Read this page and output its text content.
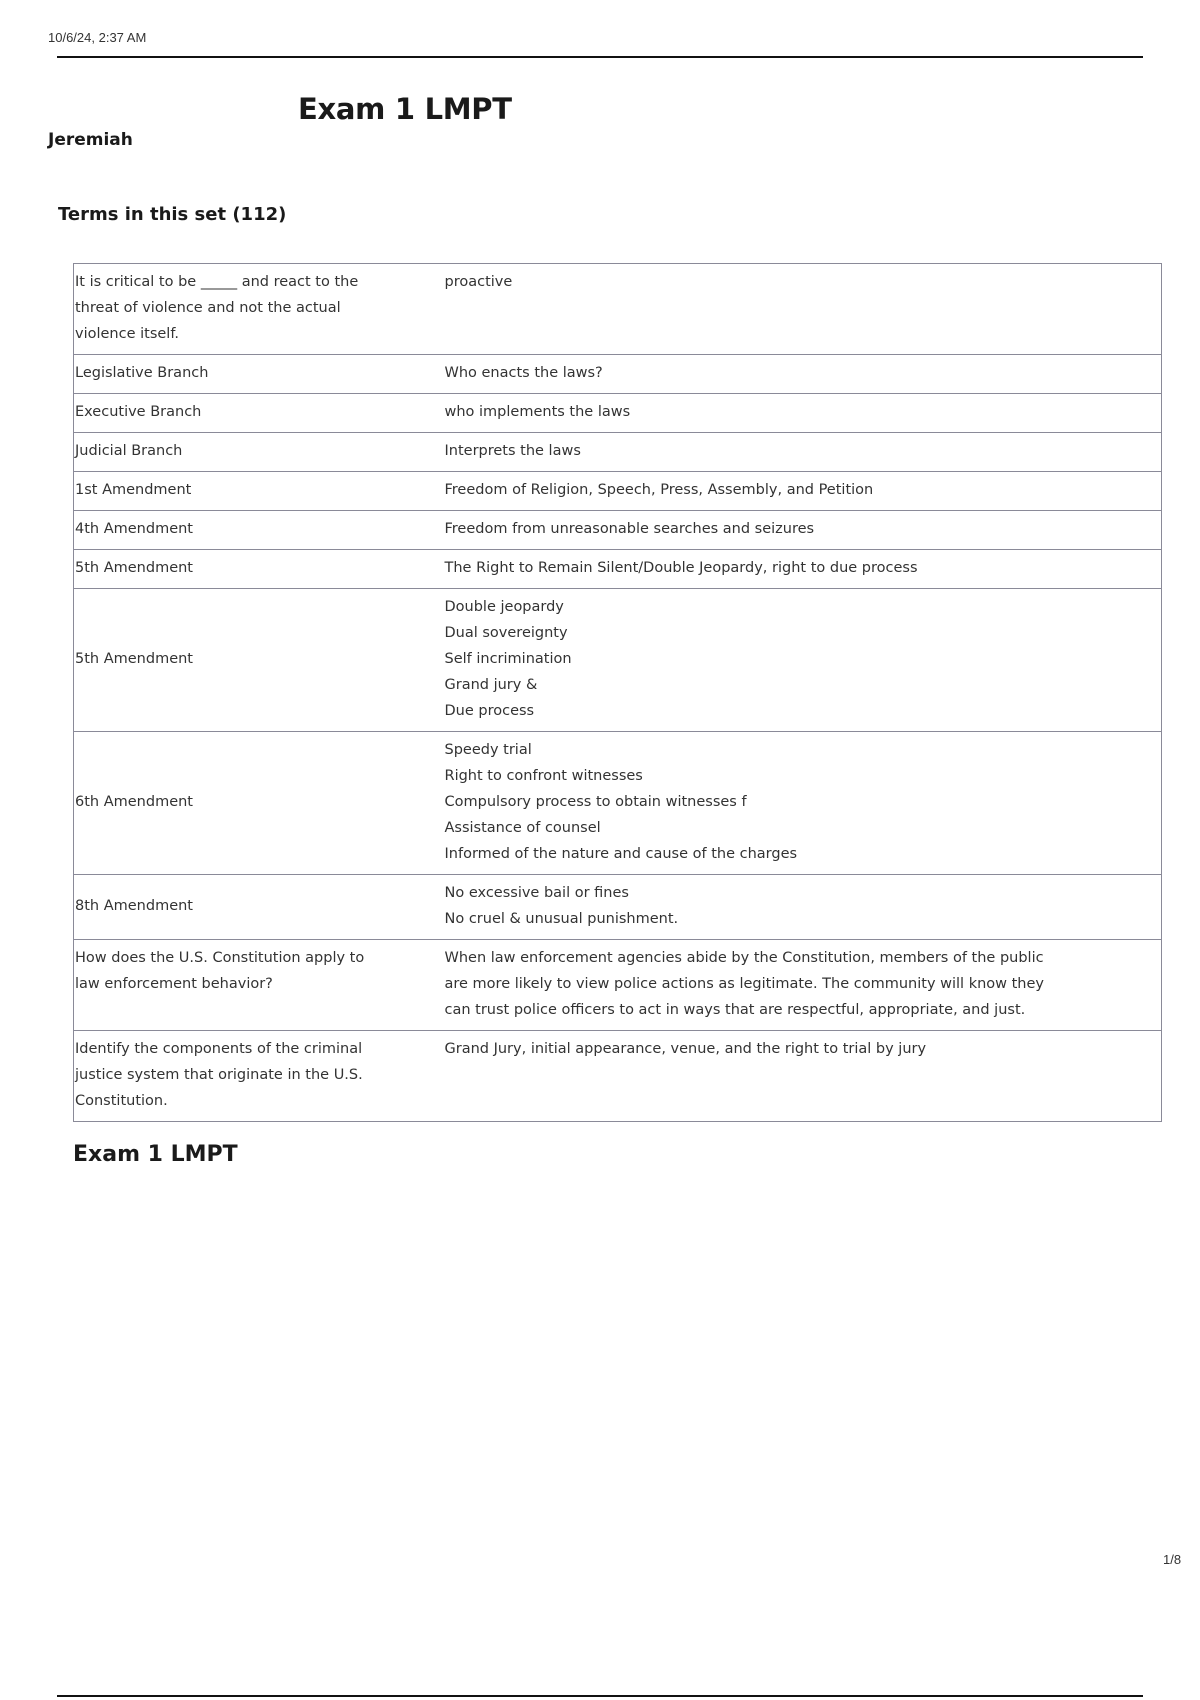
10/6/24, 2:37 AM
Exam 1 LMPT
Jeremiah
Terms in this set (112)
It is critical to be _____ and react to the threat of violence and not the actual violence itself.	proactive

Legislative Branch	Who enacts the laws?

Executive Branch	who implements the laws

Judicial Branch	Interprets the laws

1st Amendment	Freedom of Religion, Speech, Press, Assembly, and Petition

4th Amendment	Freedom from unreasonable searches and seizures

5th Amendment	The Right to Remain Silent/Double Jeopardy, right to due process

5th Amendment	Double jeopardy
Dual sovereignty
Self incrimination
Grand jury &
Due process

6th Amendment	Speedy trial
Right to confront witnesses
Compulsory process to obtain witnesses f
Assistance of counsel
Informed of the nature and cause of the charges

8th Amendment	No excessive bail or fines
No cruel & unusual punishment.

How does the U.S. Constitution apply to law enforcement behavior?	When law enforcement agencies abide by the Constitution, members of the public are more likely to view police actions as legitimate. The community will know they can trust police officers to act in ways that are respectful, appropriate, and just.

Identify the components of the criminal justice system that originate in the U.S. Constitution.	Grand Jury, initial appearance, venue, and the right to trial by jury
Exam 1 LMPT
1/8
